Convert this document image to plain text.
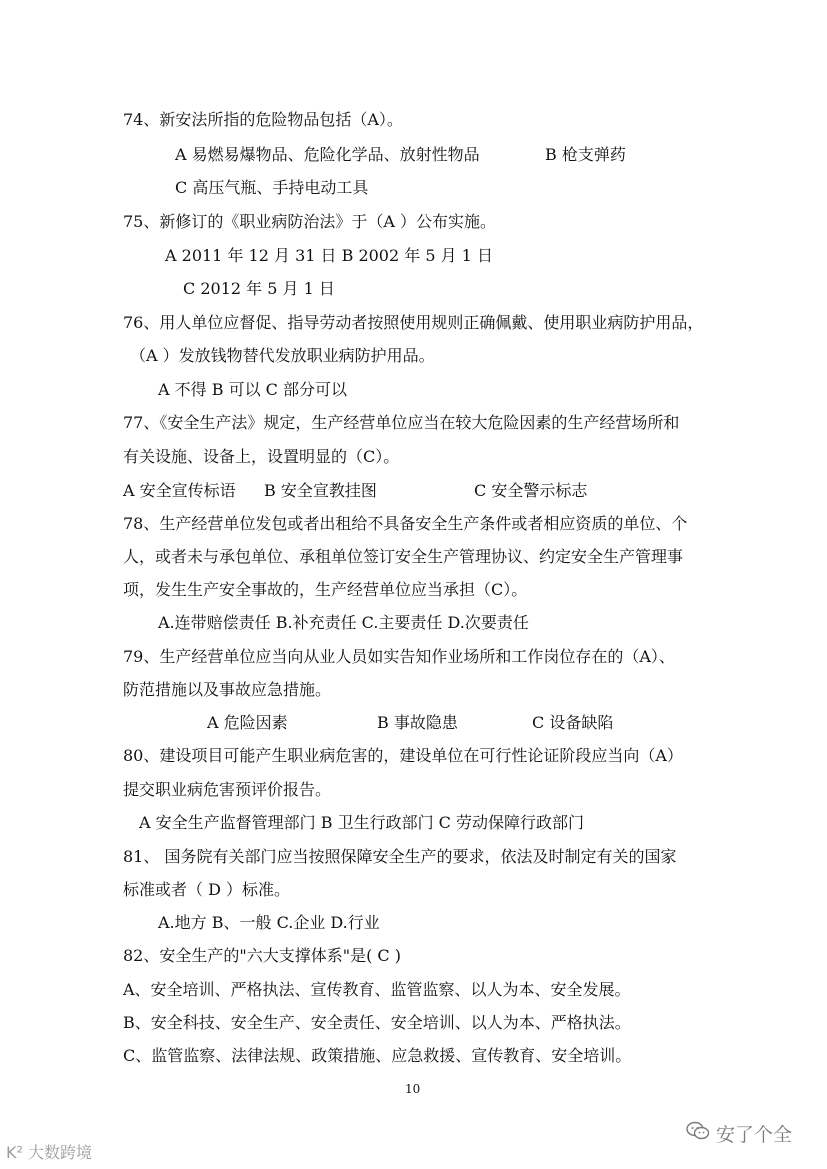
74、新安法所指的危险物品包括（A）。
A 易燃易爆物品、危险化学品、放射性物品	B 枪支弹药
C 高压气瓶、手持电动工具
75、新修订的《职业病防治法》于（A ）公布实施。
A 2011 年 12 月 31 日 B 2002 年 5 月 1 日
C 2012 年 5 月 1 日
76、用人单位应督促、指导劳动者按照使用规则正确佩戴、使用职业病防护用品，
（A ）发放钱物替代发放职业病防护用品。
A 不得 B 可以 C 部分可以
77、《安全生产法》规定，生产经营单位应当在较大危险因素的生产经营场所和
有关设施、设备上，设置明显的（C）。
A 安全宣传标语 B 安全宣教挂图	C 安全警示标志
78、生产经营单位发包或者出租给不具备安全生产条件或者相应资质的单位、个
人，或者未与承包单位、承租单位签订安全生产管理协议、约定安全生产管理事
项，发生生产安全事故的，生产经营单位应当承担（C）。
A.连带赔偿责任 B.补充责任 C.主要责任 D.次要责任
79、生产经营单位应当向从业人员如实告知作业场所和工作岗位存在的（A）、
防范措施以及事故应急措施。
A 危险因素	B 事故隐患	C 设备缺陷
80、建设项目可能产生职业病危害的，建设单位在可行性论证阶段应当向（A）
提交职业病危害预评价报告。
A 安全生产监督管理部门 B 卫生行政部门 C 劳动保障行政部门
81、 国务院有关部门应当按照保障安全生产的要求，依法及时制定有关的国家
标准或者（ D ）标准。
A.地方 B、一般 C.企业 D.行业
82、安全生产的"六大支撑体系"是( C )
A、安全培训、严格执法、宣传教育、监管监察、以人为本、安全发展。
B、安全科技、安全生产、安全责任、安全培训、以人为本、严格执法。
C、监管监察、法律法规、政策措施、应急救援、宣传教育、安全培训。
10
K² 大数跨境
安了个全
